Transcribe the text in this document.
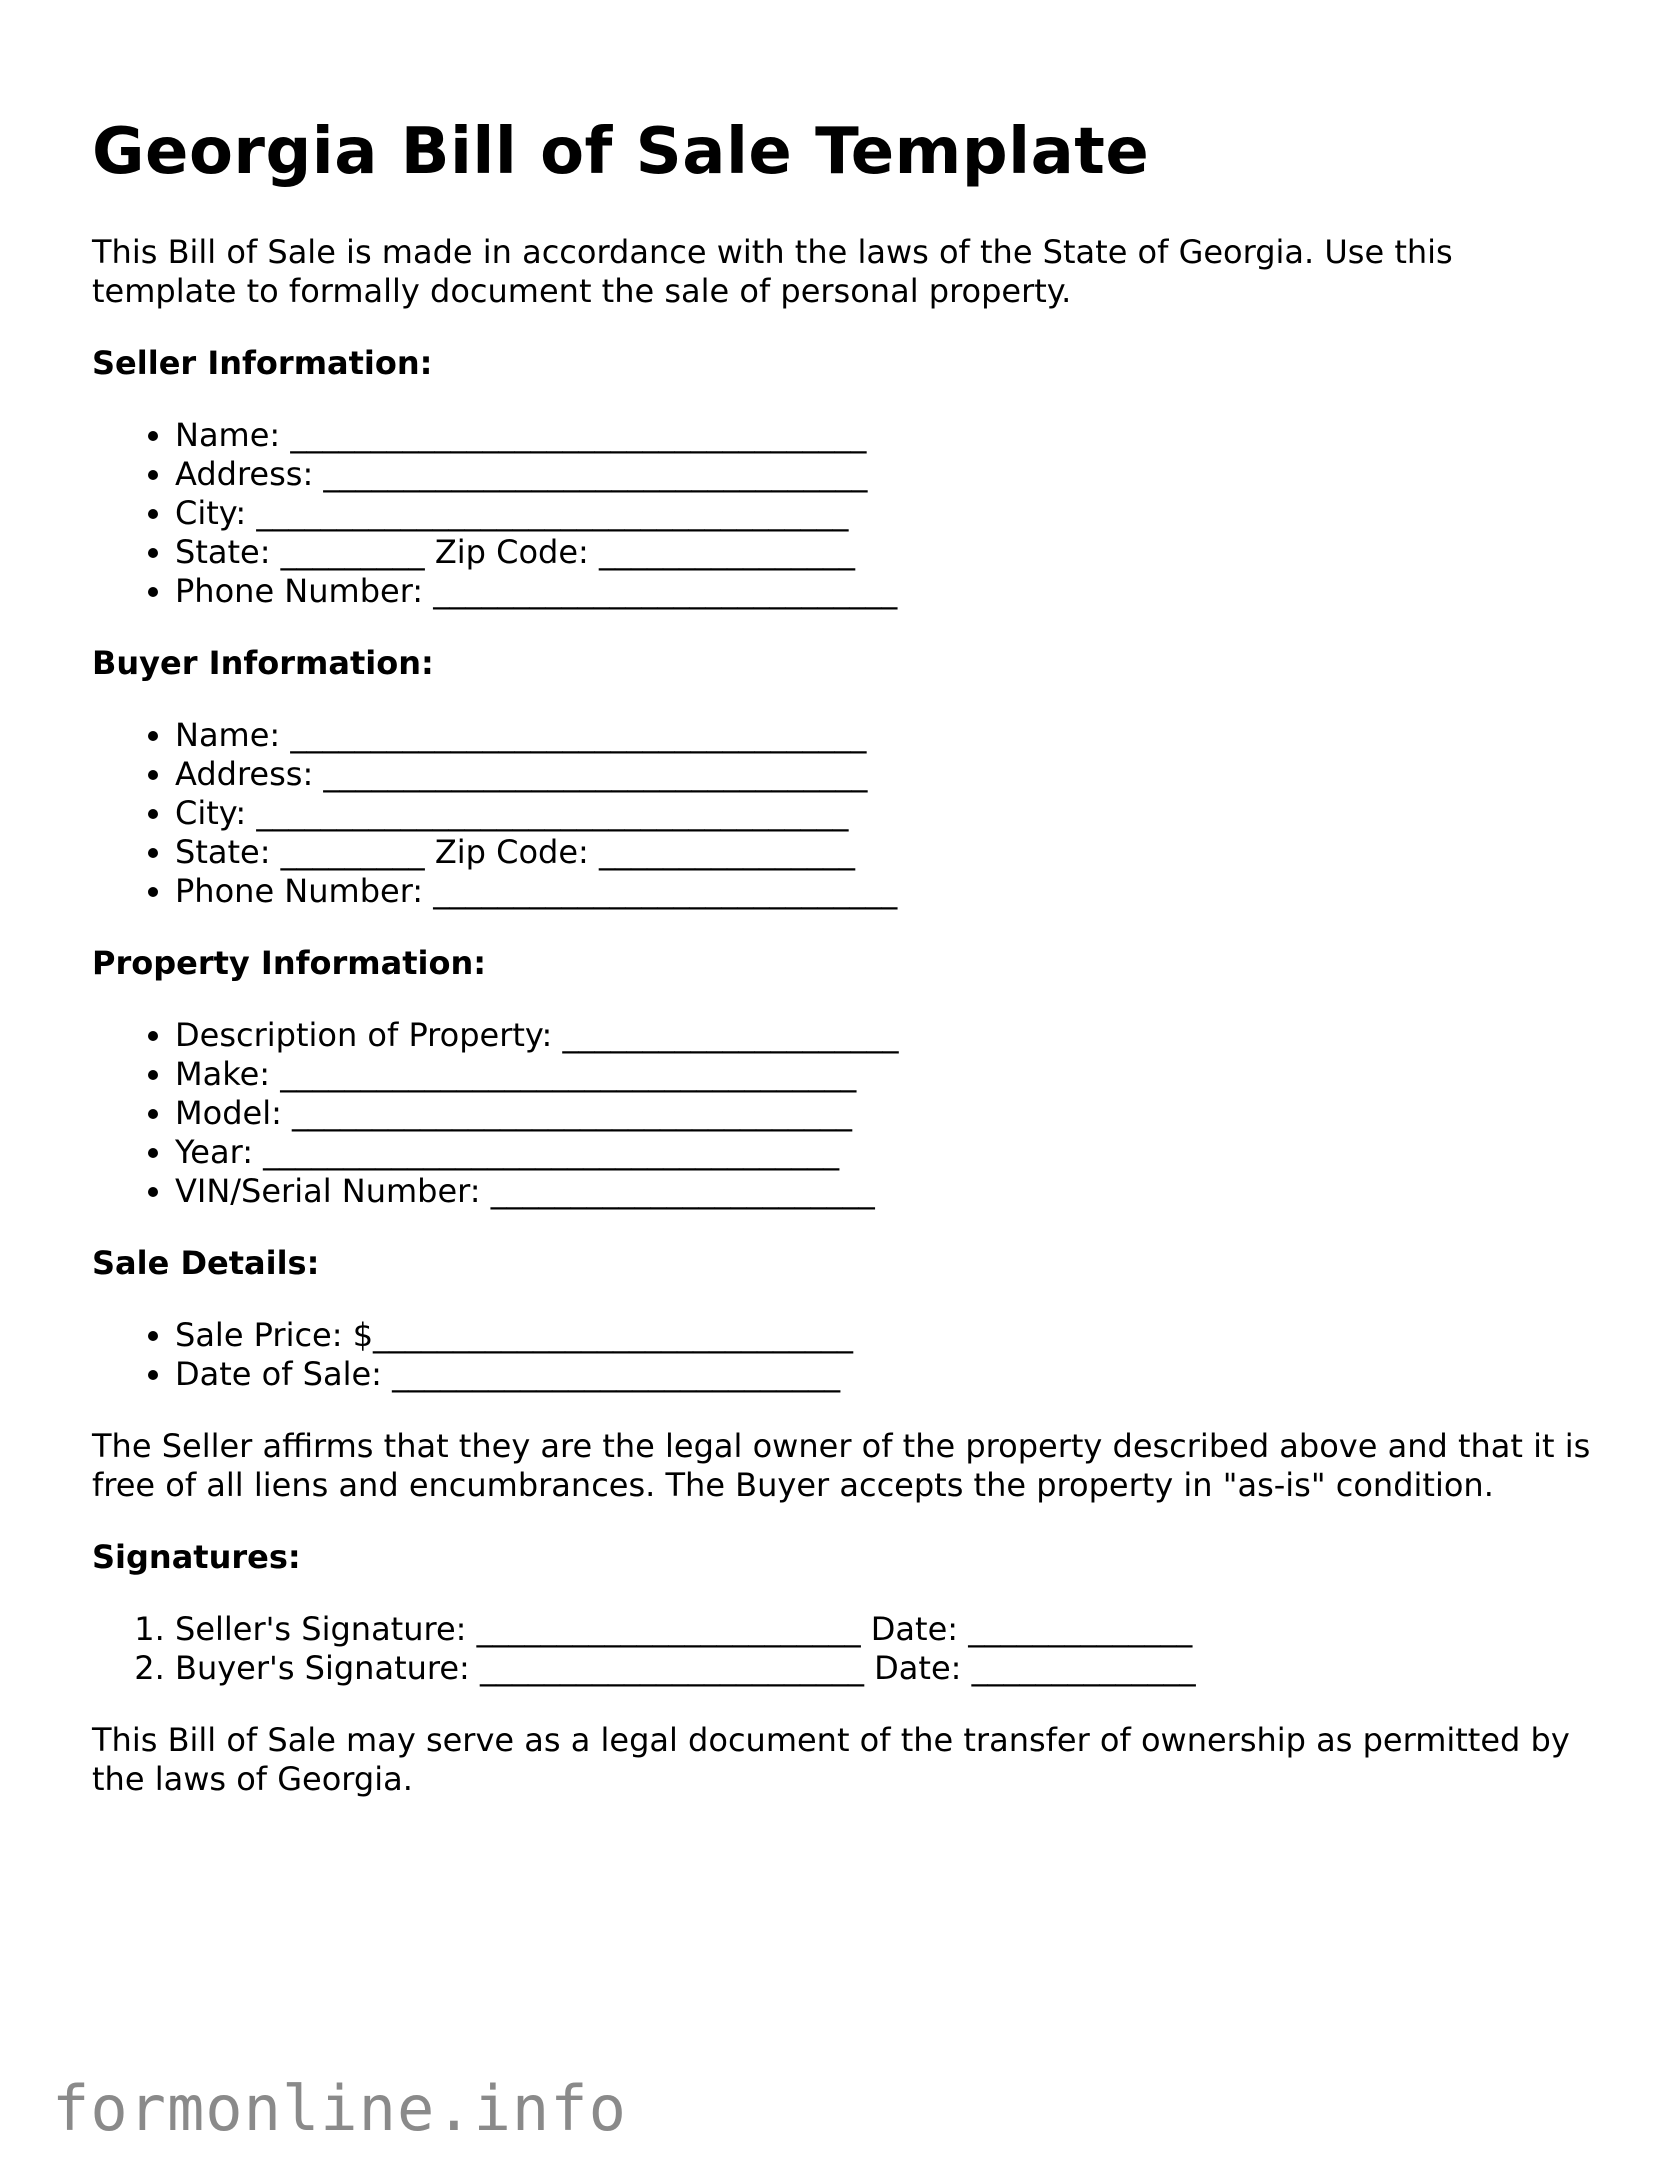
Georgia Bill of Sale Template

This Bill of Sale is made in accordance with the laws of the State of Georgia. Use this template to formally document the sale of personal property.

Seller Information:
• Name: ____________________________________
• Address: __________________________________
• City: _____________________________________
• State: _________ Zip Code: ________________
• Phone Number: _____________________________
Buyer Information:
• Name: ____________________________________
• Address: __________________________________
• City: _____________________________________
• State: _________ Zip Code: ________________
• Phone Number: _____________________________
Property Information:
• Description of Property: _____________________
• Make: ____________________________________
• Model: ___________________________________
• Year: ____________________________________
• VIN/Serial Number: ________________________
Sale Details:
• Sale Price: $______________________________
• Date of Sale: ____________________________

The Seller affirms that they are the legal owner of the property described above and that it is free of all liens and encumbrances. The Buyer accepts the property in "as-is" condition.

Signatures:
1. Seller's Signature: ________________________ Date: ______________
2. Buyer's Signature: ________________________ Date: ______________

This Bill of Sale may serve as a legal document of the transfer of ownership as permitted by the laws of Georgia.

formonline.info
